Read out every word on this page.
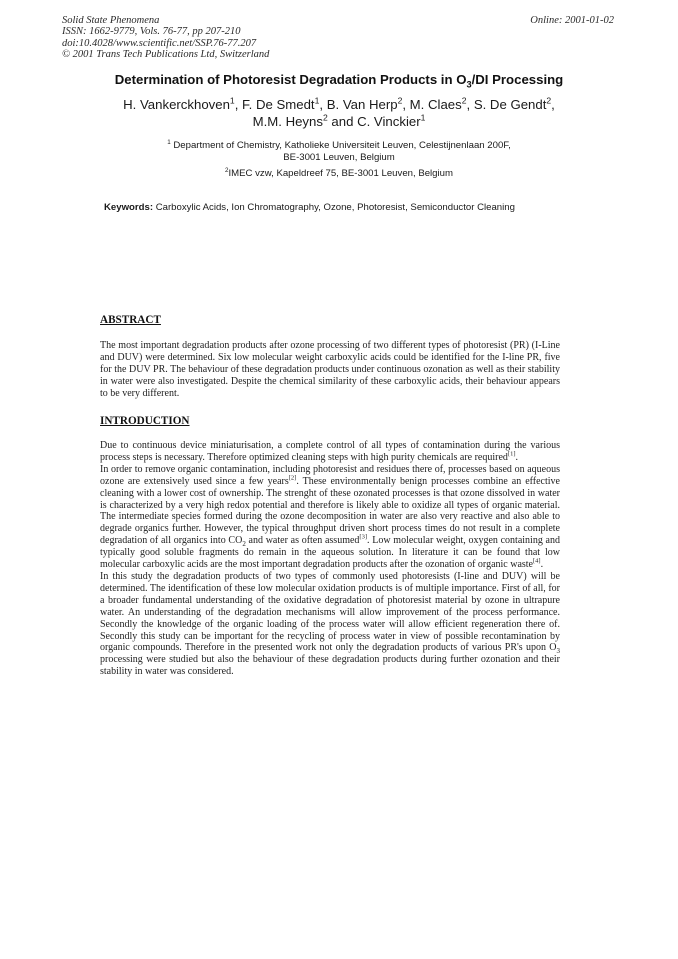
Solid State Phenomena
ISSN: 1662-9779, Vols. 76-77, pp 207-210
doi:10.4028/www.scientific.net/SSP.76-77.207
© 2001 Trans Tech Publications Ltd, Switzerland
Online: 2001-01-02
Determination of Photoresist Degradation Products in $O_3/DI$ Processing
H. Vankerckhoven$^1$, F. De Smedt$^1$, B. Van Herp$^2$, M. Claes$^2$, S. De Gendt$^2$,
M.M. Heyns$^2$ and C. Vinckier$^1$
$^1$ Department of Chemistry, Katholieke Universiteit Leuven, Celestijnenlaan 200F,
BE-3001 Leuven, Belgium
$^2$IMEC vzw, Kapeldreef 75, BE-3001 Leuven, Belgium
Keywords: Carboxylic Acids, Ion Chromatography, Ozone, Photoresist, Semiconductor Cleaning
ABSTRACT

The most important degradation products after ozone processing of two different types of photoresist (PR) (I-Line and DUV) were determined. Six low molecular weight carboxylic acids could be identified for the I-line PR, five for the DUV PR. The behaviour of these degradation products under continuous ozonation as well as their stability in water were also investigated. Despite the chemical similarity of these carboxylic acids, their behaviour appears to be very different.

INTRODUCTION

Due to continuous device miniaturisation, a complete control of all types of contamination during the various process steps is necessary. Therefore optimized cleaning steps with high purity chemicals are required[1].

In order to remove organic contamination, including photoresist and residues there of, processes based on aqueous ozone are extensively used since a few years[2]. These environmentally benign processes combine an effective cleaning with a lower cost of ownership. The strenght of these ozonated processes is that ozone dissolved in water is characterized by a very high redox potential and therefore is likely able to oxidize all types of organic material. The intermediate species formed during the ozone decomposition in water are also very reactive and also able to degrade organics further. However, the typical throughput driven short process times do not result in a complete degradation of all organics into $CO_2$ and water as often assumed[3]. Low molecular weight, oxygen containing and typically good soluble fragments do remain in the aqueous solution. In literature it can be found that low molecular carboxylic acids are the most important degradation products after the ozonation of organic waste[4].

In this study the degradation products of two types of commonly used photoresists (I-line and DUV) will be determined. The identification of these low molecular oxidation products is of multiple importance. First of all, for a broader fundamental understanding of the oxidative degradation of photoresist material by ozone in ultrapure water. An understanding of the degradation mechanisms will allow improvement of the process performance. Secondly the knowledge of the organic loading of the process water will allow efficient regeneration there of. Secondly this study can be important for the recycling of process water in view of possible recontamination by organic compounds. Therefore in the presented work not only the degradation products of various PR's upon $O_3$ processing were studied but also the behaviour of these degradation products during further ozonation and their stability in water was considered.
